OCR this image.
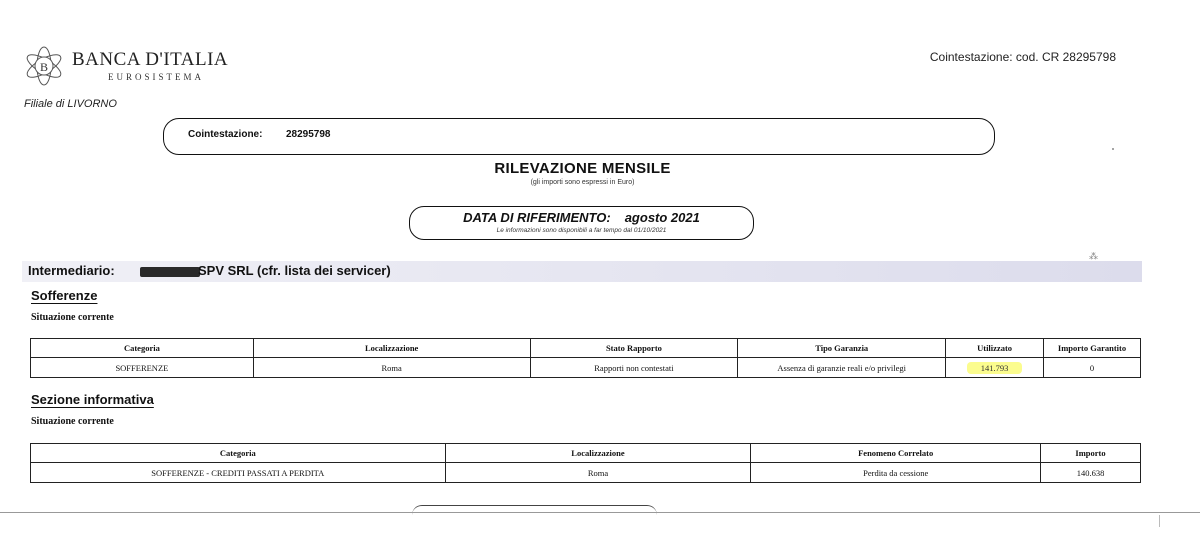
B BANCA D'ITALIA
EUROSISTEMA
Filiale di LIVORNO
Cointestazione: cod. CR 28295798
Cointestazione: 28295798
RILEVAZIONE MENSILE
(gli importi sono espressi in Euro)
DATA DI RIFERIMENTO: agosto 2021
Le informazioni sono disponibili a far tempo dal 01/10/2021
⁂
Intermediario:	SPV SRL (cfr. lista dei servicer)
Sofferenze
Situazione corrente
Categoria	Localizzazione	Stato Rapporto	Tipo Garanzia	Utilizzato	Importo Garantito
SOFFERENZE	Roma	Rapporti non contestati	Assenza di garanzie reali e/o privilegi	141.793	0
Sezione informativa
Situazione corrente
Categoria	Localizzazione	Fenomeno Correlato	Importo
SOFFERENZE - CREDITI PASSATI A PERDITA	Roma	Perdita da cessione	140.638
